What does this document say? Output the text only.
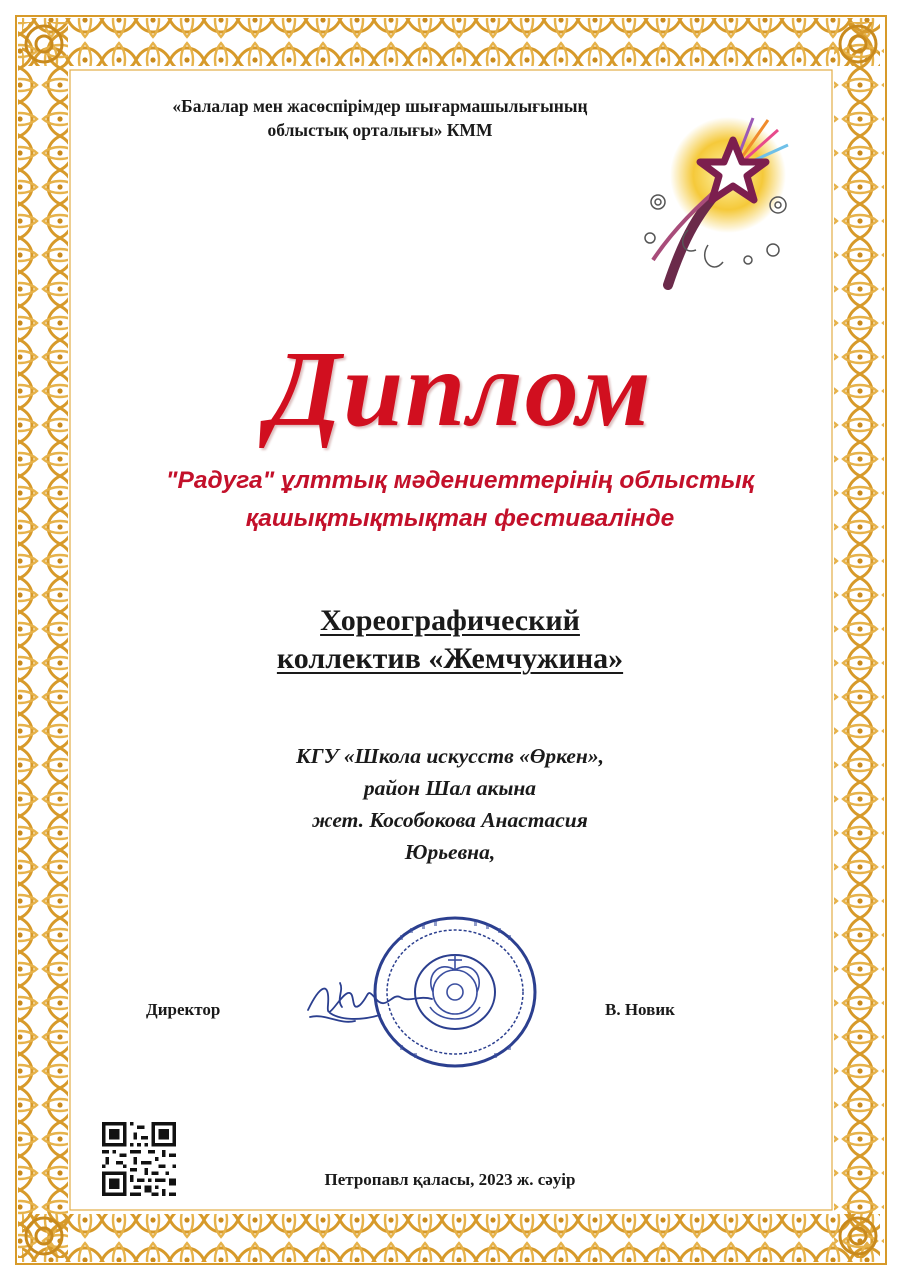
«Балалар мен жасөспірімдер шығармашылығының
облыстық орталығы» КММ
Диплом
"Радуга" ұлттық мәдениеттерінің облыстық
қашықтықтықтан фестивалінде
Хореографический
коллектив «Жемчужина»
КГУ «Школа искусств «Өркен»,
район Шал акына
жет. Кособокова Анастасия
Юрьевна,
Директор	В. Новик
Петропавл қаласы, 2023 ж. сәуір
